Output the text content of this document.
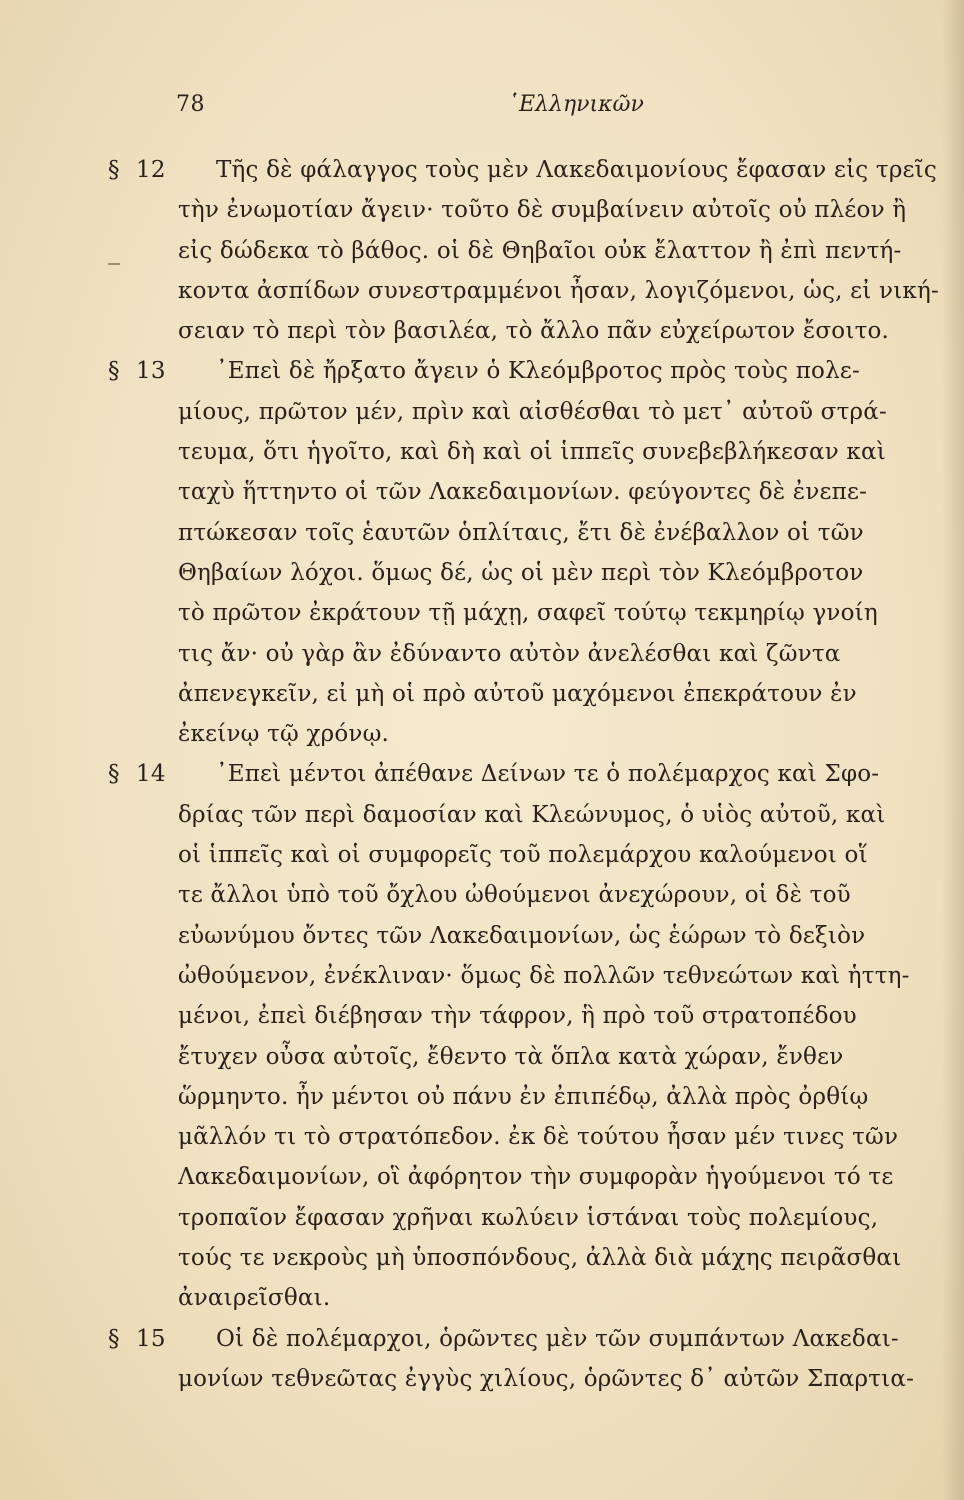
78	῾Ελληνικῶν
§ 12 Τῆς δὲ φάλαγγος τοὺς μὲν Λακεδαιμονίους ἔφασαν εἰς τρεῖς
τὴν ἐνωμοτίαν ἄγειν· τοῦτο δὲ συμβαίνειν αὐτοῖς οὐ πλέον ἢ
εἰς δώδεκα τὸ βάθος. οἱ δὲ Θηβαῖοι οὐκ ἔλαττον ἢ ἐπὶ πεντή-
κοντα ἀσπίδων συνεστραμμένοι ἦσαν, λογιζόμενοι, ὡς, εἰ νική-
σειαν τὸ περὶ τὸν βασιλέα, τὸ ἄλλο πᾶν εὐχείρωτον ἔσοιτο.
§ 13 ᾿Επεὶ δὲ ἤρξατο ἄγειν ὁ Κλεόμβροτος πρὸς τοὺς πολε-
μίους, πρῶτον μέν, πρὶν καὶ αἰσθέσθαι τὸ μετ᾿ αὐτοῦ στρά-
τευμα, ὅτι ἡγοῖτο, καὶ δὴ καὶ οἱ ἱππεῖς συνεβεβλήκεσαν καὶ
ταχὺ ἥττηντο οἱ τῶν Λακεδαιμονίων. φεύγοντες δὲ ἐνεπε-
πτώκεσαν τοῖς ἑαυτῶν ὁπλίταις, ἔτι δὲ ἐνέβαλλον οἱ τῶν
Θηβαίων λόχοι. ὅμως δέ, ὡς οἱ μὲν περὶ τὸν Κλεόμβροτον
τὸ πρῶτον ἐκράτουν τῇ μάχῃ, σαφεῖ τούτῳ τεκμηρίῳ γνοίη
τις ἄν· οὐ γὰρ ἂν ἐδύναντο αὐτὸν ἀνελέσθαι καὶ ζῶντα
ἀπενεγκεῖν, εἰ μὴ οἱ πρὸ αὐτοῦ μαχόμενοι ἐπεκράτουν ἐν
ἐκείνῳ τῷ χρόνῳ.
§ 14 ᾿Επεὶ μέντοι ἀπέθανε Δείνων τε ὁ πολέμαρχος καὶ Σφο-
δρίας τῶν περὶ δαμοσίαν καὶ Κλεώνυμος, ὁ υἱὸς αὐτοῦ, καὶ
οἱ ἱππεῖς καὶ οἱ συμφορεῖς τοῦ πολεμάρχου καλούμενοι οἵ
τε ἄλλοι ὑπὸ τοῦ ὄχλου ὠθούμενοι ἀνεχώρουν, οἱ δὲ τοῦ
εὐωνύμου ὄντες τῶν Λακεδαιμονίων, ὡς ἑώρων τὸ δεξιὸν
ὠθούμενον, ἐνέκλιναν· ὅμως δὲ πολλῶν τεθνεώτων καὶ ἡττη-
μένοι, ἐπεὶ διέβησαν τὴν τάφρον, ἣ πρὸ τοῦ στρατοπέδου
ἔτυχεν οὖσα αὐτοῖς, ἔθεντο τὰ ὅπλα κατὰ χώραν, ἔνθεν
ὥρμηντο. ἦν μέντοι οὐ πάνυ ἐν ἐπιπέδῳ, ἀλλὰ πρὸς ὀρθίῳ
μᾶλλόν τι τὸ στρατόπεδον. ἐκ δὲ τούτου ἦσαν μέν τινες τῶν
Λακεδαιμονίων, οἳ ἀφόρητον τὴν συμφορὰν ἡγούμενοι τό τε
τροπαῖον ἔφασαν χρῆναι κωλύειν ἱστάναι τοὺς πολεμίους,
τούς τε νεκροὺς μὴ ὑποσπόνδους, ἀλλὰ διὰ μάχης πειρᾶσθαι
ἀναιρεῖσθαι.
§ 15 Οἱ δὲ πολέμαρχοι, ὁρῶντες μὲν τῶν συμπάντων Λακεδαι-
μονίων τεθνεῶτας ἐγγὺς χιλίους, ὁρῶντες δ᾿ αὐτῶν Σπαρτια-
